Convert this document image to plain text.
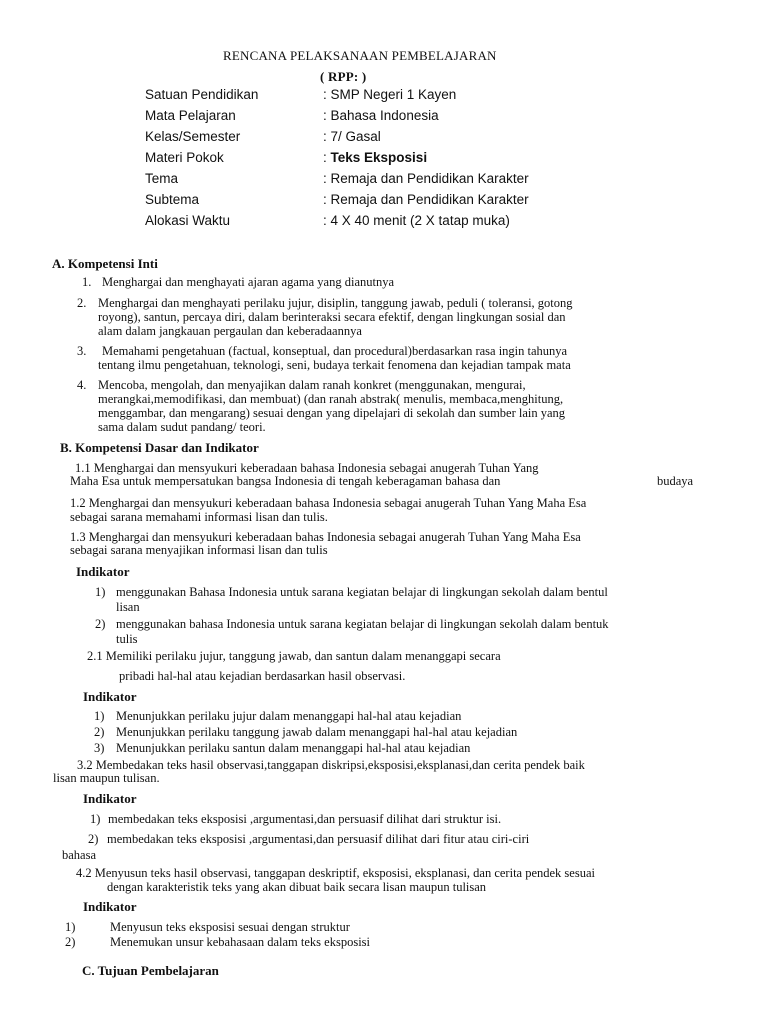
RENCANA PELAKSANAAN PEMBELAJARAN
( RPP: )
Satuan Pendidikan	: SMP Negeri 1 Kayen
Mata Pelajaran	: Bahasa Indonesia
Kelas/Semester	: 7/ Gasal
Materi Pokok	: Teks Eksposisi
Tema	: Remaja dan Pendidikan Karakter
Subtema	: Remaja dan Pendidikan Karakter
Alokasi Waktu	: 4 X 40 menit (2 X tatap muka)
A. Kompetensi Inti
1. Menghargai dan menghayati ajaran agama yang dianutnya
2. Menghargai dan menghayati perilaku jujur, disiplin, tanggung jawab, peduli ( toleransi, gotong
royong), santun, percaya diri, dalam berinteraksi secara efektif, dengan lingkungan sosial dan
alam dalam jangkauan pergaulan dan keberadaannya
3. Memahami pengetahuan (factual, konseptual, dan procedural)berdasarkan rasa ingin tahunya
tentang ilmu pengetahuan, teknologi, seni, budaya terkait fenomena dan kejadian tampak mata
4. Mencoba, mengolah, dan menyajikan dalam ranah konkret (menggunakan, mengurai,
merangkai,memodifikasi, dan membuat) (dan ranah abstrak( menulis, membaca,menghitung,
menggambar, dan mengarang) sesuai dengan yang dipelajari di sekolah dan sumber lain yang
sama dalam sudut pandang/ teori.
B. Kompetensi Dasar dan Indikator
1.1 Menghargai dan mensyukuri keberadaan bahasa Indonesia sebagai anugerah Tuhan Yang
Maha Esa untuk mempersatukan bangsa Indonesia di tengah keberagaman bahasa dan	budaya
1.2 Menghargai dan mensyukuri keberadaan bahasa Indonesia sebagai anugerah Tuhan Yang Maha Esa
sebagai sarana memahami informasi lisan dan tulis.
1.3 Menghargai dan mensyukuri keberadaan bahas Indonesia sebagai anugerah Tuhan Yang Maha Esa
sebagai sarana menyajikan informasi lisan dan tulis
Indikator
1) menggunakan Bahasa Indonesia untuk sarana kegiatan belajar di lingkungan sekolah dalam bentul
lisan
2) menggunakan bahasa Indonesia untuk sarana kegiatan belajar di lingkungan sekolah dalam bentuk
tulis
2.1 Memiliki perilaku jujur, tanggung jawab, dan santun dalam menanggapi secara
pribadi hal-hal atau kejadian berdasarkan hasil observasi.
Indikator
1) Menunjukkan perilaku jujur dalam menanggapi hal-hal atau kejadian
2) Menunjukkan perilaku tanggung jawab dalam menanggapi hal-hal atau kejadian
3) Menunjukkan perilaku santun dalam menanggapi hal-hal atau kejadian
3.2 Membedakan teks hasil observasi,tanggapan diskripsi,eksposisi,eksplanasi,dan cerita pendek baik
lisan maupun tulisan.
Indikator
1) membedakan teks eksposisi ,argumentasi,dan persuasif dilihat dari struktur isi.
2) membedakan teks eksposisi ,argumentasi,dan persuasif dilihat dari fitur atau ciri-ciri
bahasa
4.2 Menyusun teks hasil observasi, tanggapan deskriptif, eksposisi, eksplanasi, dan cerita pendek sesuai
dengan karakteristik teks yang akan dibuat baik secara lisan maupun tulisan
Indikator
1)	Menyusun teks eksposisi sesuai dengan struktur
2)	Menemukan unsur kebahasaan dalam teks eksposisi
C. Tujuan Pembelajaran
